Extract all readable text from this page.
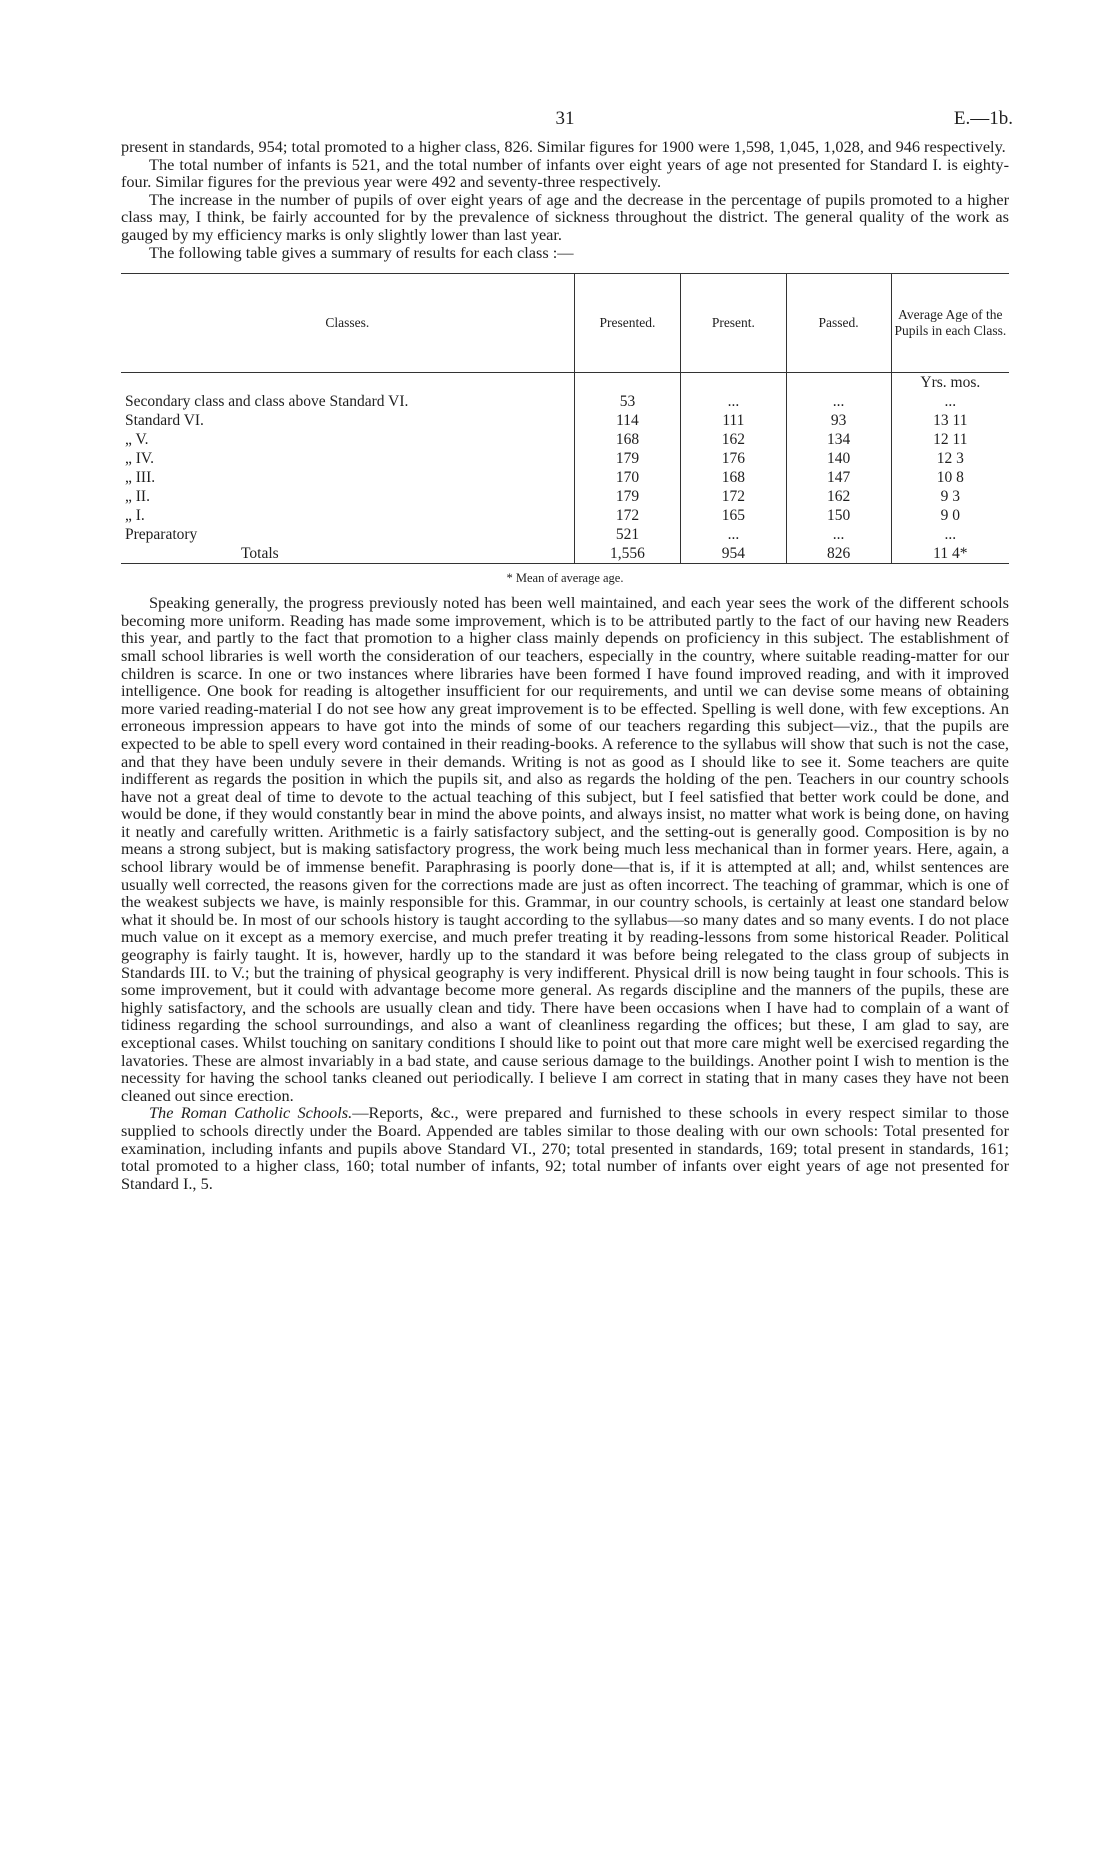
31	E.—1b.

present in standards, 954; total promoted to a higher class, 826. Similar figures for 1900 were 1,598, 1,045, 1,028, and 946 respectively.

The total number of infants is 521, and the total number of infants over eight years of age not presented for Standard I. is eighty-four. Similar figures for the previous year were 492 and seventy-three respectively.

The increase in the number of pupils of over eight years of age and the decrease in the percentage of pupils promoted to a higher class may, I think, be fairly accounted for by the prevalence of sickness throughout the district. The general quality of the work as gauged by my efficiency marks is only slightly lower than last year.

The following table gives a summary of results for each class :—

Classes.	Presented.	Present.	Passed.	Average Age of the Pupils in each Class.
				Yrs. mos.
Secondary class and class above Standard VI.	53	...	...	...
Standard VI.	114	111	93	13 11
„ V.	168	162	134	12 11
„ IV.	179	176	140	12 3
„ III.	170	168	147	10 8
„ II.	179	172	162	9 3
„ I.	172	165	150	9 0
Preparatory	521	...	...	...
Totals	1,556	954	826	11 4*
* Mean of average age.

Speaking generally, the progress previously noted has been well maintained, and each year sees the work of the different schools becoming more uniform. Reading has made some improvement, which is to be attributed partly to the fact of our having new Readers this year, and partly to the fact that promotion to a higher class mainly depends on proficiency in this subject. The establishment of small school libraries is well worth the consideration of our teachers, especially in the country, where suitable reading-matter for our children is scarce. In one or two instances where libraries have been formed I have found improved reading, and with it improved intelligence. One book for reading is altogether insufficient for our requirements, and until we can devise some means of obtaining more varied reading-material I do not see how any great improvement is to be effected. Spelling is well done, with few exceptions. An erroneous impression appears to have got into the minds of some of our teachers regarding this subject—viz., that the pupils are expected to be able to spell every word contained in their reading-books. A reference to the syllabus will show that such is not the case, and that they have been unduly severe in their demands. Writing is not as good as I should like to see it. Some teachers are quite indifferent as regards the position in which the pupils sit, and also as regards the holding of the pen. Teachers in our country schools have not a great deal of time to devote to the actual teaching of this subject, but I feel satisfied that better work could be done, and would be done, if they would constantly bear in mind the above points, and always insist, no matter what work is being done, on having it neatly and carefully written. Arithmetic is a fairly satisfactory subject, and the setting-out is generally good. Composition is by no means a strong subject, but is making satisfactory progress, the work being much less mechanical than in former years. Here, again, a school library would be of immense benefit. Paraphrasing is poorly done—that is, if it is attempted at all; and, whilst sentences are usually well corrected, the reasons given for the corrections made are just as often incorrect. The teaching of grammar, which is one of the weakest subjects we have, is mainly responsible for this. Grammar, in our country schools, is certainly at least one standard below what it should be. In most of our schools history is taught according to the syllabus—so many dates and so many events. I do not place much value on it except as a memory exercise, and much prefer treating it by reading-lessons from some historical Reader. Political geography is fairly taught. It is, however, hardly up to the standard it was before being relegated to the class group of subjects in Standards III. to V.; but the training of physical geography is very indifferent. Physical drill is now being taught in four schools. This is some improvement, but it could with advantage become more general. As regards discipline and the manners of the pupils, these are highly satisfactory, and the schools are usually clean and tidy. There have been occasions when I have had to complain of a want of tidiness regarding the school surroundings, and also a want of cleanliness regarding the offices; but these, I am glad to say, are exceptional cases. Whilst touching on sanitary conditions I should like to point out that more care might well be exercised regarding the lavatories. These are almost invariably in a bad state, and cause serious damage to the buildings. Another point I wish to mention is the necessity for having the school tanks cleaned out periodically. I believe I am correct in stating that in many cases they have not been cleaned out since erection.

The Roman Catholic Schools.—Reports, &c., were prepared and furnished to these schools in every respect similar to those supplied to schools directly under the Board. Appended are tables similar to those dealing with our own schools: Total presented for examination, including infants and pupils above Standard VI., 270; total presented in standards, 169; total present in standards, 161; total promoted to a higher class, 160; total number of infants, 92; total number of infants over eight years of age not presented for Standard I., 5.
